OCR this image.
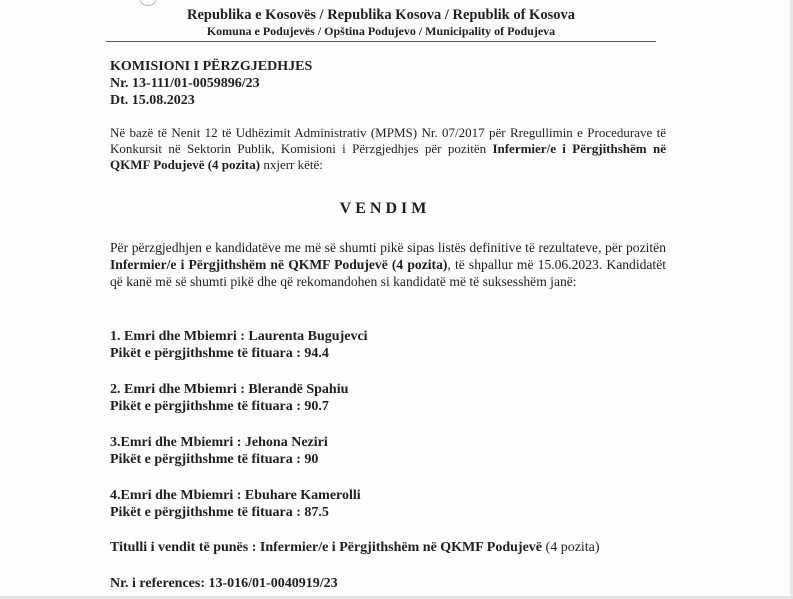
Republika e Kosovës / Republika Kosova / Republik of Kosova
Komuna e Podujevës / Opština Podujevo / Municipality of Podujeva
KOMISIONI I PËRZGJEDHJES
Nr. 13-111/01-0059896/23
Dt. 15.08.2023
Në bazë të Nenit 12 të Udhëzimit Administrativ (MPMS) Nr. 07/2017 për Rregullimin e Procedurave të Konkursit në Sektorin Publik, Komisioni i Përzgjedhjes për pozitën Infermier/e i Përgjithshëm në QKMF Podujevë (4 pozita) nxjerr këtë:
VENDIM
Për përzgjedhjen e kandidatëve me më së shumti pikë sipas listës definitive të rezultateve, për pozitën Infermier/e i Përgjithshëm në QKMF Podujevë (4 pozita), të shpallur më 15.06.2023. Kandidatët që kanë më së shumti pikë dhe që rekomandohen si kandidatë më të suksesshëm janë:
1. Emri dhe Mbiemri : Laurenta Bugujevci
Pikët e përgjithshme të fituara : 94.4
2. Emri dhe Mbiemri : Blerandë Spahiu
Pikët e përgjithshme të fituara : 90.7
3.Emri dhe Mbiemri : Jehona Neziri
Pikët e përgjithshme të fituara : 90
4.Emri dhe Mbiemri : Ebuhare Kamerolli
Pikët e përgjithshme të fituara : 87.5
Titulli i vendit të punës : Infermier/e i Përgjithshëm në QKMF Podujevë (4 pozita)
Nr. i references: 13-016/01-0040919/23
